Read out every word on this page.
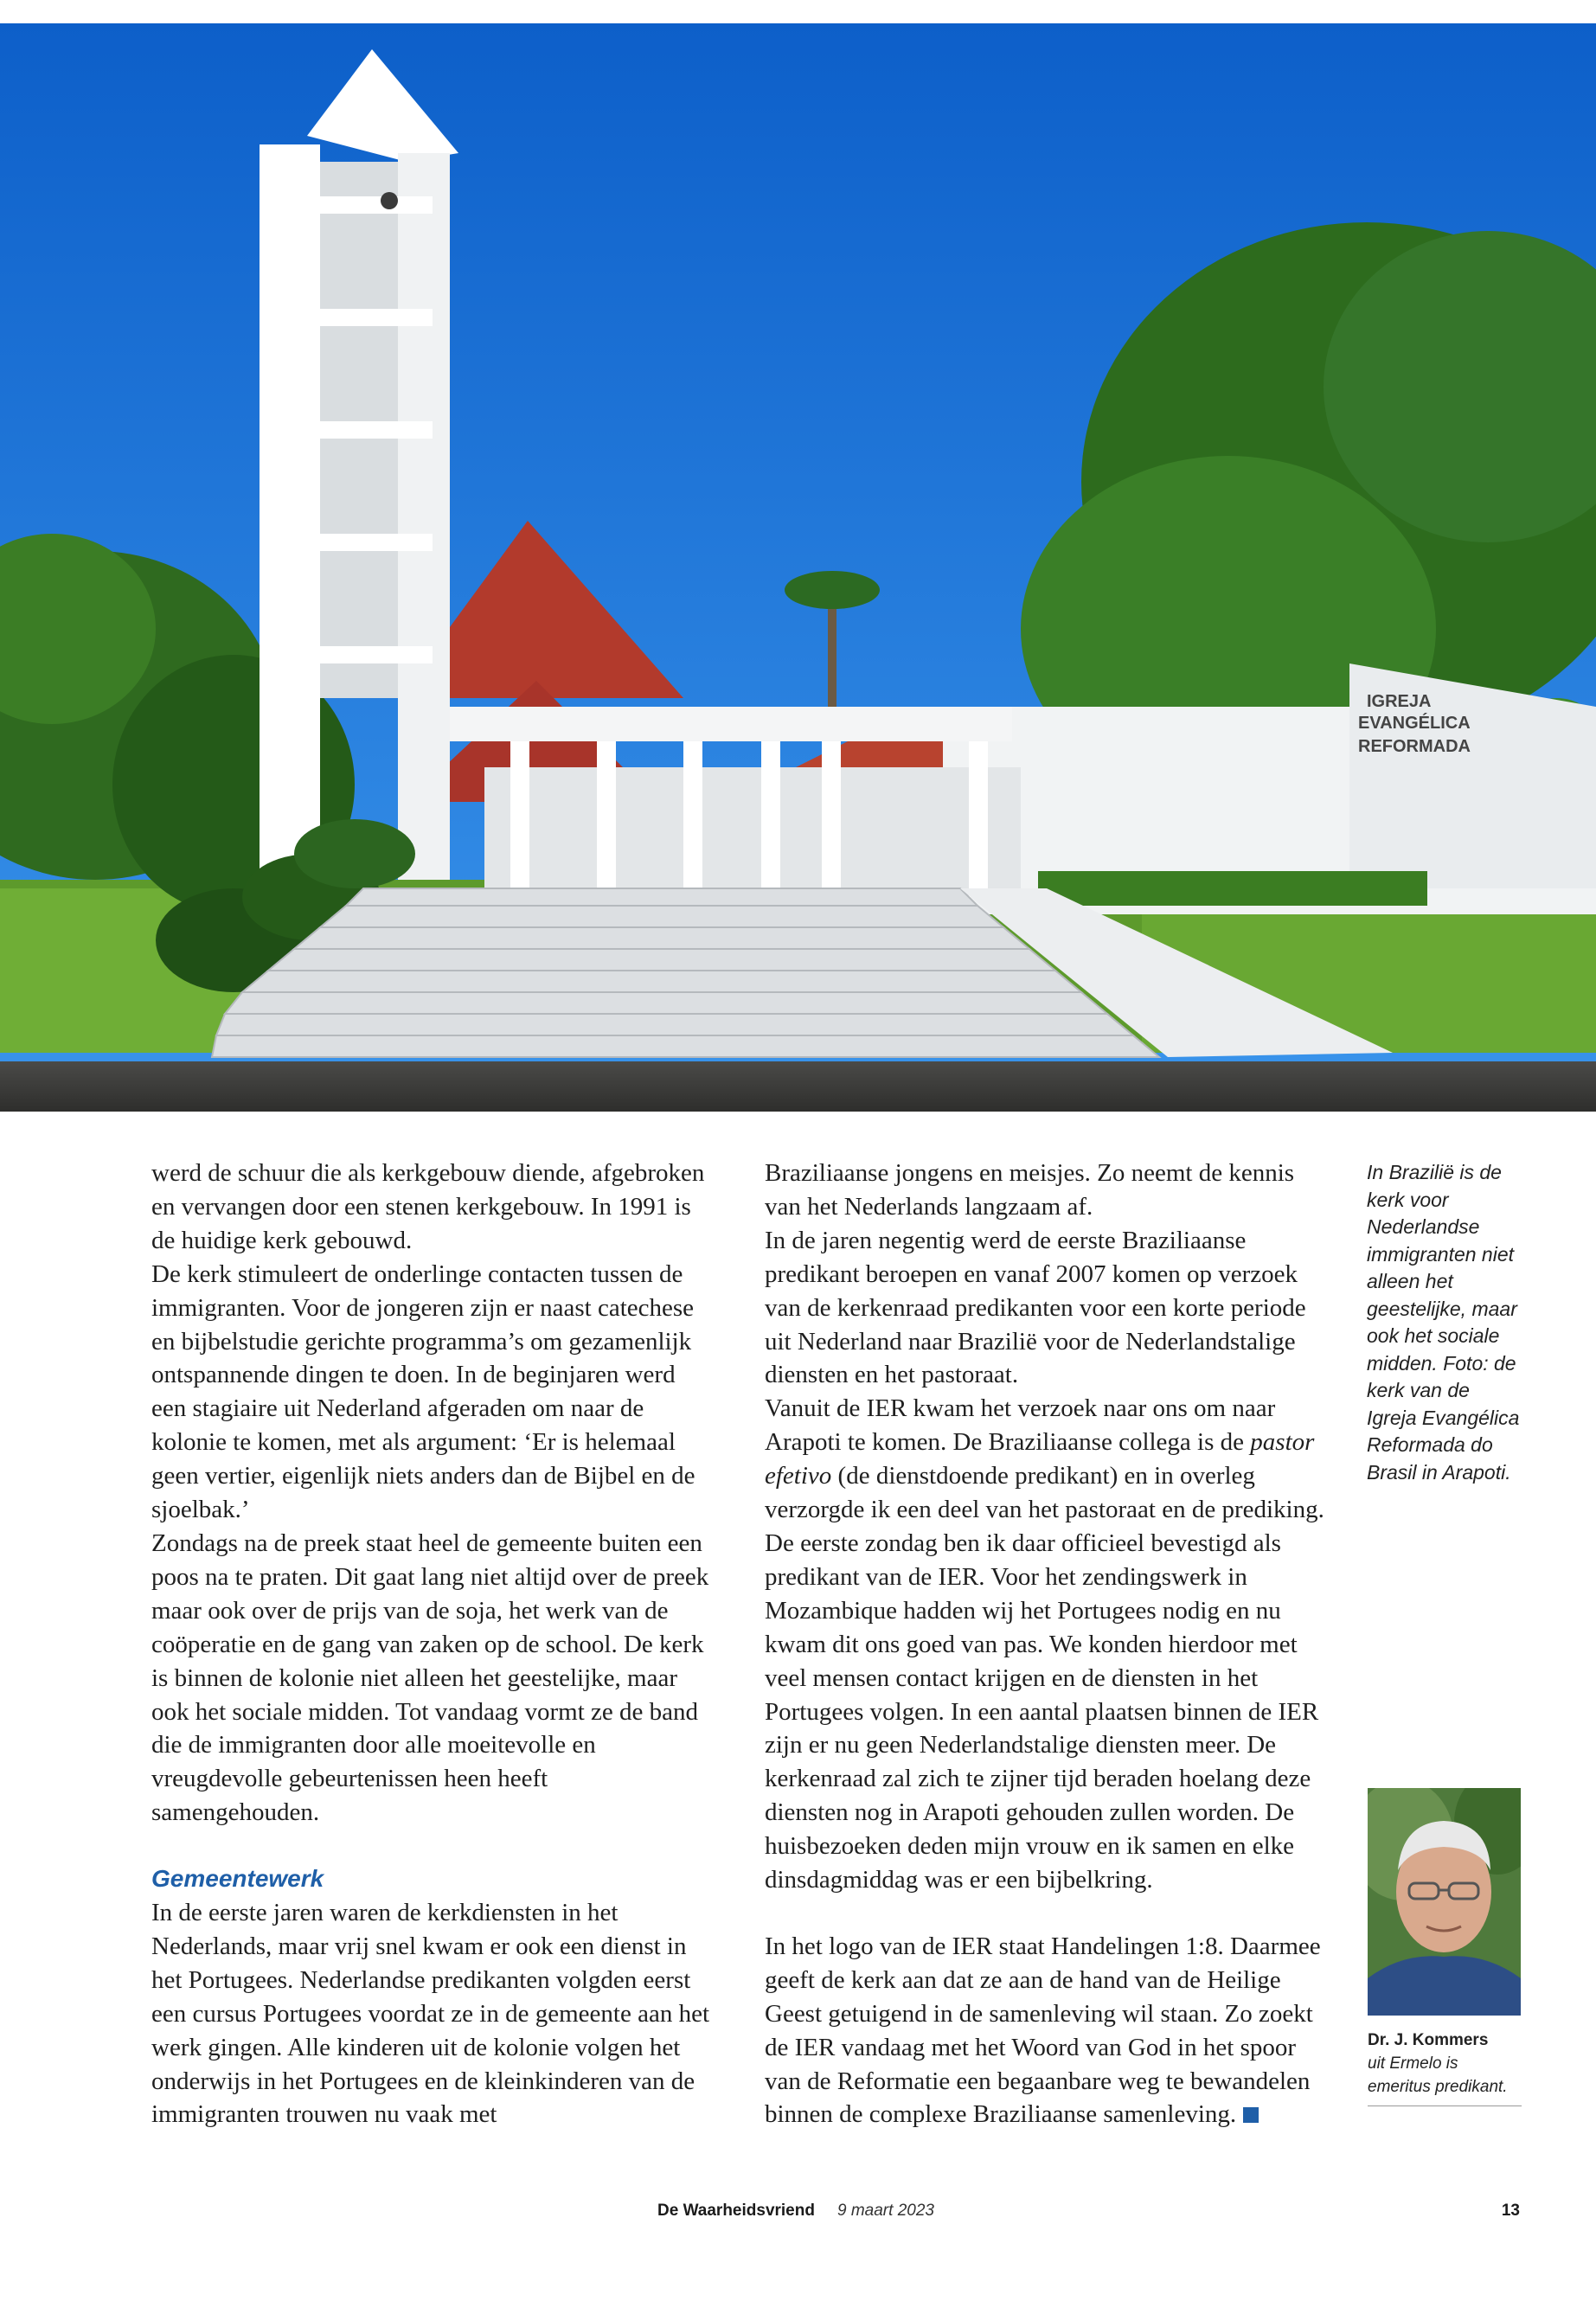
IGREJA
EVANGÉLICA
REFORMADA

werd de schuur die als kerkgebouw diende, afgebroken en vervangen door een stenen kerkgebouw. In 1991 is de huidige kerk gebouwd.

De kerk stimuleert de onderlinge contacten tussen de immigranten. Voor de jongeren zijn er naast catechese en bijbelstudie gerichte programma’s om gezamenlijk ontspannende dingen te doen. In de beginjaren werd een stagiaire uit Nederland afgeraden om naar de kolonie te komen, met als argument: ‘Er is helemaal geen vertier, eigenlijk niets anders dan de Bijbel en de sjoelbak.’

Zondags na de preek staat heel de gemeente buiten een poos na te praten. Dit gaat lang niet altijd over de preek maar ook over de prijs van de soja, het werk van de coöperatie en de gang van zaken op de school. De kerk is binnen de kolonie niet alleen het geestelijke, maar ook het sociale midden. Tot vandaag vormt ze de band die de immigranten door alle moeitevolle en vreugdevolle gebeurtenissen heen heeft samengehouden.

Gemeentewerk

In de eerste jaren waren de kerkdiensten in het Nederlands, maar vrij snel kwam er ook een dienst in het Portugees. Nederlandse predikanten volgden eerst een cursus Portugees voordat ze in de gemeente aan het werk gingen. Alle kinderen uit de kolonie volgen het onderwijs in het Portugees en de kleinkinderen van de immigranten trouwen nu vaak met

Braziliaanse jongens en meisjes. Zo neemt de kennis van het Nederlands langzaam af.

In de jaren negentig werd de eerste Braziliaanse predikant beroepen en vanaf 2007 komen op verzoek van de kerkenraad predikanten voor een korte periode uit Nederland naar Brazilië voor de Nederlandstalige diensten en het pastoraat.

Vanuit de IER kwam het verzoek naar ons om naar Arapoti te komen. De Braziliaanse collega is de pastor efetivo (de dienstdoende predikant) en in overleg verzorgde ik een deel van het pastoraat en de prediking. De eerste zondag ben ik daar officieel bevestigd als predikant van de IER. Voor het zendingswerk in Mozambique hadden wij het Portugees nodig en nu kwam dit ons goed van pas. We konden hierdoor met veel mensen contact krijgen en de diensten in het Portugees volgen. In een aantal plaatsen binnen de IER zijn er nu geen Nederlandstalige diensten meer. De kerkenraad zal zich te zijner tijd beraden hoelang deze diensten nog in Arapoti gehouden zullen worden. De huisbezoeken deden mijn vrouw en ik samen en elke dinsdagmiddag was er een bijbelkring.

In het logo van de IER staat Handelingen 1:8. Daarmee geeft de kerk aan dat ze aan de hand van de Heilige Geest getuigend in de samenleving wil staan. Zo zoekt de IER vandaag met het Woord van God in het spoor van de Reformatie een begaanbare weg te bewandelen binnen de complexe Braziliaanse samenleving.

In Brazilië is de kerk voor Nederlandse immigranten niet alleen het geestelijke, maar ook het sociale midden. Foto: de kerk van de Igreja Evangélica Reformada do Brasil in Arapoti.
Dr. J. Kommers
uit Ermelo is emeritus predikant.
De Waarheidsvriend 9 maart 2023	13
